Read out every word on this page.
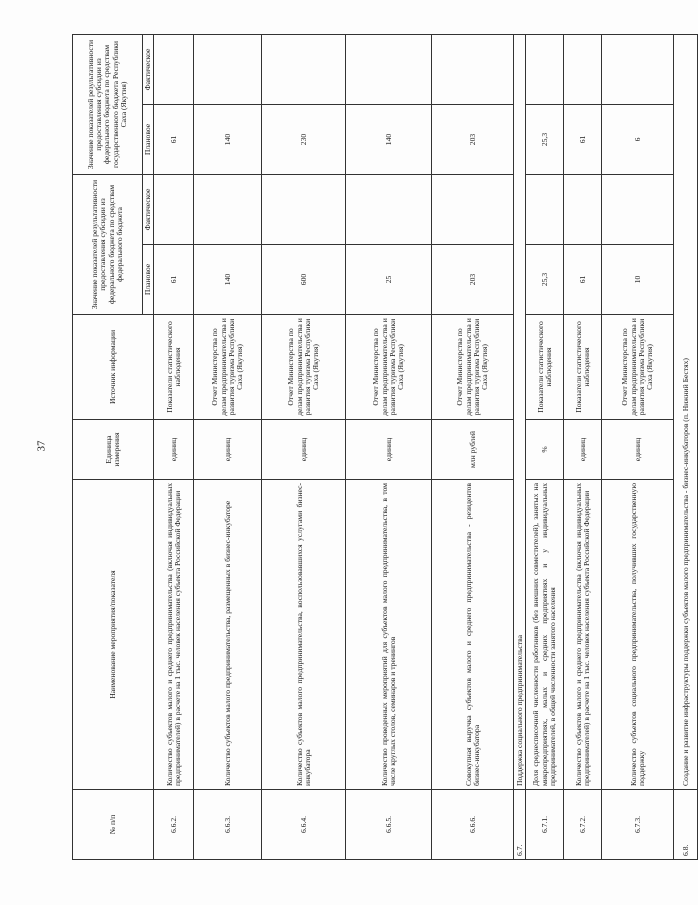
37
№ п/п	Наименование мероприятия/показателя	Единица измерения	Источник информации	Значение показателей результативности предоставления субсидии из федерального бюджета по средствам федерального бюджета		Значение показателей результативности предоставления субсидии из федерального бюджета по средствам государственного бюджета Республики Саха (Якутия)	
				Плановое	Фактическое	Плановое	Фактическое
6.6.2.	Количество субъектов малого и среднего предпринимательства (включая индивидуальных предпринимателей) в расчете на 1 тыс. человек населения субъекта Российской Федерации	единиц	Показатели статистического наблюдения	61		61	
6.6.3.	Количество субъектов малого предпринимательства, размещенных в бизнес-инкубаторе	единиц	Отчет Министерства по делам предпринимательства и развития туризма Республики Саха (Якутия)	140		140	
6.6.4.	Количество субъектов малого предпринимательства, воспользовавшихся услугами бизнес-инкубатора	единиц	Отчет Министерства по делам предпринимательства и развития туризма Республики Саха (Якутия)	600		230	
6.6.5.	Количество проведенных мероприятий для субъектов малого предпринимательства, в том числе круглых столов, семинаров и тренингов	единиц	Отчет Министерства по делам предпринимательства и развития туризма Республики Саха (Якутия)	25		140	
6.6.6.	Совокупная выручка субъектов малого и среднего предпринимательства - резидентов бизнес-инкубатора	млн рублей	Отчет Министерства по делам предпринимательства и развития туризма Республики Саха (Якутия)	203		203	
6.7.	Поддержка социального предпринимательства						
6.7.1.	Доля среднесписочной численности работников (без внешних совместителей), занятых на микропредприятиях, малых и средних предприятиях и у индивидуальных предпринимателей, в общей численности занятого населения	%	Показатели статистического наблюдения	25,3		25,3	
6.7.2.	Количество субъектов малого и среднего предпринимательства (включая индивидуальных предпринимателей) в расчете на 1 тыс. человек населения субъекта Российской Федерации	единиц	Показатели статистического наблюдения	61		61	
6.7.3.	Количество субъектов социального предпринимательства, получивших государственную поддержку	единиц	Отчет Министерства по делам предпринимательства и развития туризма Республики Саха (Якутия)	10		6	
6.8.	Создание и развитие инфраструктуры поддержки субъектов малого предпринимательства - бизнес-инкубаторов (п. Нижний Бестях)						
